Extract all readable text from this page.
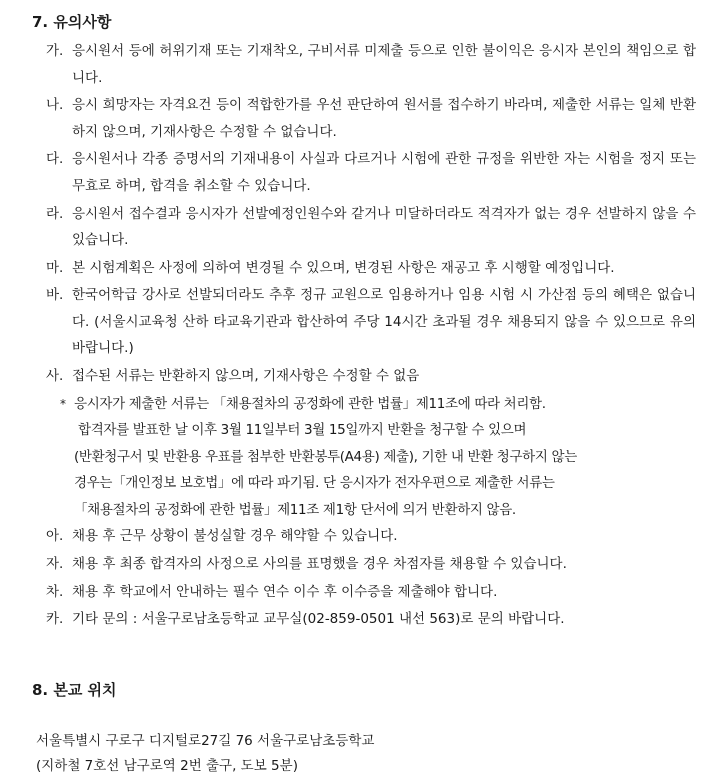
7. 유의사항
가. 응시원서 등에 허위기재 또는 기재착오, 구비서류 미제출 등으로 인한 불이익은 응시자 본인의 책임으로 합니다.
나. 응시 희망자는 자격요건 등이 적합한가를 우선 판단하여 원서를 접수하기 바라며, 제출한 서류는 일체 반환하지 않으며, 기재사항은 수정할 수 없습니다.
다. 응시원서나 각종 증명서의 기재내용이 사실과 다르거나 시험에 관한 규정을 위반한 자는 시험을 정지 또는 무효로 하며, 합격을 취소할 수 있습니다.
라. 응시원서 접수결과 응시자가 선발예정인원수와 같거나 미달하더라도 적격자가 없는 경우 선발하지 않을 수 있습니다.
마. 본 시험계획은 사정에 의하여 변경될 수 있으며, 변경된 사항은 재공고 후 시행할 예정입니다.
바. 한국어학급 강사로 선발되더라도 추후 정규 교원으로 임용하거나 임용 시험 시 가산점 등의 혜택은 없습니다. (서울시교육청 산하 타교육기관과 합산하여 주당 14시간 초과될 경우 채용되지 않을 수 있으므로 유의바랍니다.)
사. 접수된 서류는 반환하지 않으며, 기재사항은 수정할 수 없음
* 응시자가 제출한 서류는 「채용절차의 공정화에 관한 법률」제11조에 따라 처리함.
합격자를 발표한 날 이후 3월 11일부터 3월 15일까지 반환을 청구할 수 있으며
(반환청구서 및 반환용 우표를 첨부한 반환봉투(A4용) 제출), 기한 내 반환 청구하지 않는
경우는「개인정보 보호법」에 따라 파기됨. 단 응시자가 전자우편으로 제출한 서류는
「채용절차의 공정화에 관한 법률」제11조 제1항 단서에 의거 반환하지 않음.
아. 채용 후 근무 상황이 불성실할 경우 해약할 수 있습니다.
자. 채용 후 최종 합격자의 사정으로 사의를 표명했을 경우 차점자를 채용할 수 있습니다.
차. 채용 후 학교에서 안내하는 필수 연수 이수 후 이수증을 제출해야 합니다.
카. 기타 문의 : 서울구로남초등학교 교무실(02-859-0501 내선 563)로 문의 바랍니다.
8. 본교 위치
서울특별시 구로구 디지털로27길 76 서울구로남초등학교
(지하철 7호선 남구로역 2번 출구, 도보 5분)
